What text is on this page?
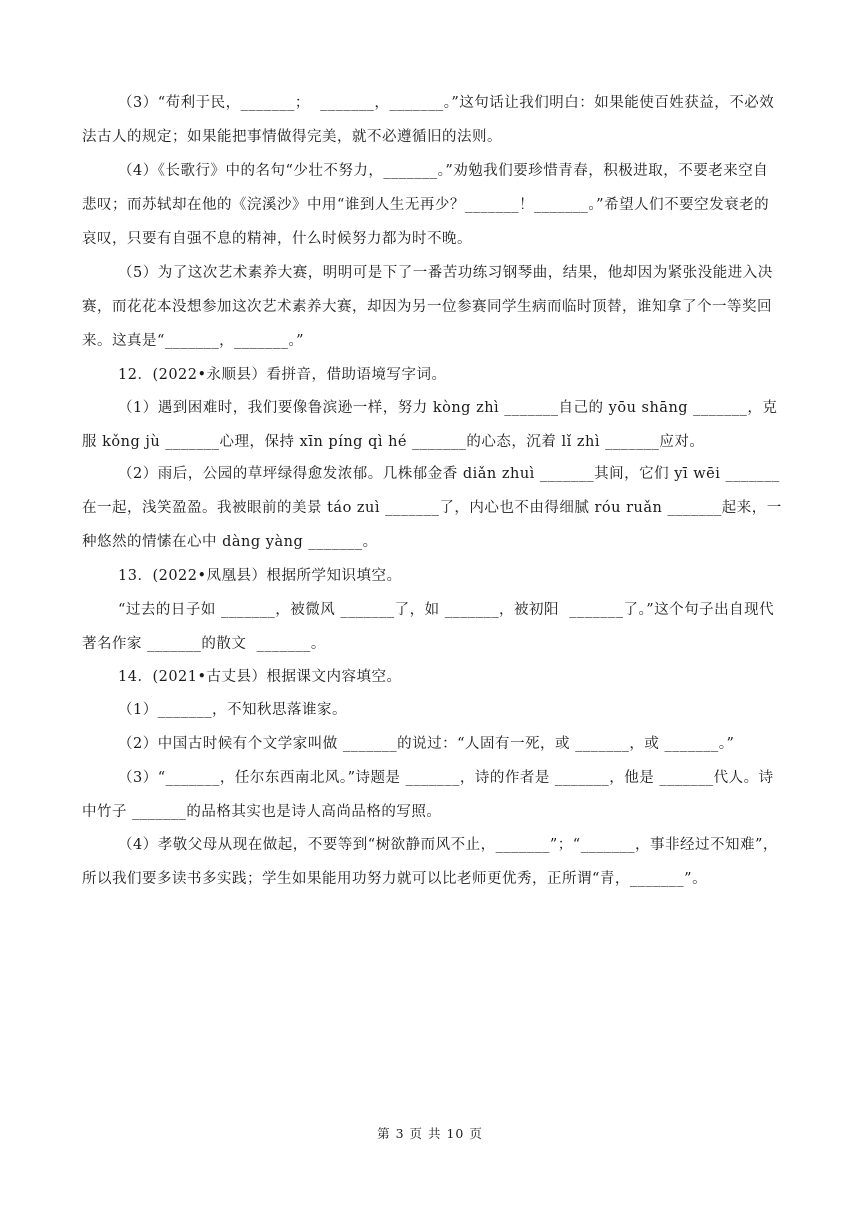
（3）“苟利于民，_______；  _______，_______。”这句话让我们明白：如果能使百姓获益，不必效法古人的规定；如果能把事情做得完美，就不必遵循旧的法则。

（4）《长歌行》中的名句“少壮不努力，_______。”劝勉我们要珍惜青春，积极进取，不要老来空自悲叹；而苏轼却在他的《浣溪沙》中用“谁到人生无再少？_______！_______。”希望人们不要空发衰老的哀叹，只要有自强不息的精神，什么时候努力都为时不晚。

（5）为了这次艺术素养大赛，明明可是下了一番苦功练习钢琴曲，结果，他却因为紧张没能进入决赛，而花花本没想参加这次艺术素养大赛，却因为另一位参赛同学生病而临时顶替，谁知拿了个一等奖回来。这真是“_______，_______。”

12．(2022•永顺县）看拼音，借助语境写字词。

（1）遇到困难时，我们要像鲁滨逊一样，努力 kòng zhì _______自己的 yōu shāng _______，克服 kǒng jù _______心理，保持 xīn píng qì hé _______的心态，沉着 lǐ zhì _______应对。

（2）雨后，公园的草坪绿得愈发浓郁。几株郁金香 diǎn zhuì _______其间，它们 yī wēi _______在一起，浅笑盈盈。我被眼前的美景 táo zuì _______了，内心也不由得细腻 róu ruǎn _______起来，一种悠然的情愫在心中 dàng yàng _______。

13．(2022•凤凰县）根据所学知识填空。

“过去的日子如 _______，被微风 _______了，如 _______，被初阳  _______了。”这个句子出自现代著名作家 _______的散文  _______。

14．(2021•古丈县）根据课文内容填空。

（1）_______，不知秋思落谁家。

（2）中国古时候有个文学家叫做 _______的说过：“人固有一死，或 _______，或 _______。”

（3）“_______，任尔东西南北风。”诗题是 _______，诗的作者是 _______，他是 _______代人。诗中竹子 _______的品格其实也是诗人高尚品格的写照。

（4）孝敬父母从现在做起，不要等到“树欲静而风不止，_______”；“_______，事非经过不知难”，所以我们要多读书多实践；学生如果能用功努力就可以比老师更优秀，正所谓“青，_______”。

第 3 页 共 10 页
